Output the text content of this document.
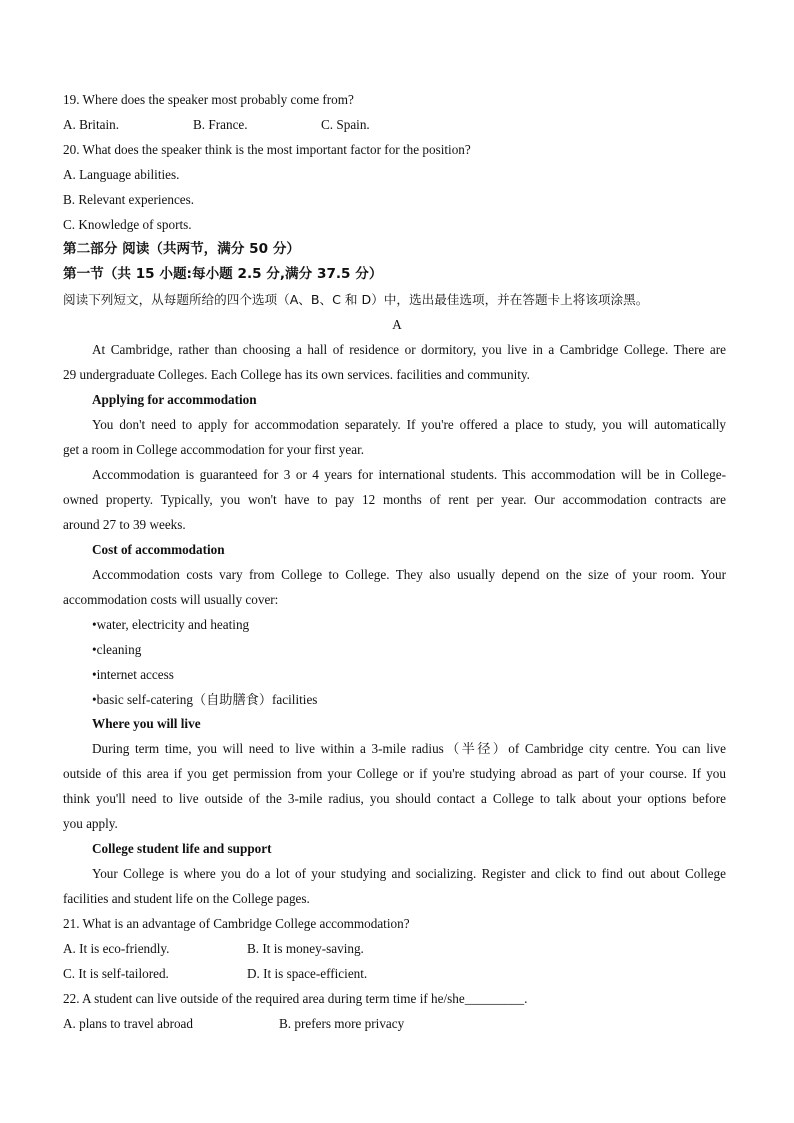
19. Where does the speaker most probably come from?
A. Britain.	B. France.	C. Spain.
20. What does the speaker think is the most important factor for the position?
A. Language abilities.
B. Relevant experiences.
C. Knowledge of sports.
第二部分 阅读（共两节，满分 50 分）
第一节（共 15 小题:每小题 2.5 分,满分 37.5 分）
阅读下列短文，从每题所给的四个选项（A、B、C 和 D）中，选出最佳选项，并在答题卡上将该项涂黑。
A
At Cambridge, rather than choosing a hall of residence or dormitory, you live in a Cambridge College. There are
29 undergraduate Colleges. Each College has its own services. facilities and community.
Applying for accommodation
You don't need to apply for accommodation separately. If you're offered a place to study, you will automatically
get a room in College accommodation for your first year.
Accommodation is guaranteed for 3 or 4 years for international students. This accommodation will be in College-
owned property. Typically, you won't have to pay 12 months of rent per year. Our accommodation contracts are
around 27 to 39 weeks.
Cost of accommodation
Accommodation costs vary from College to College. They also usually depend on the size of your room. Your
accommodation costs will usually cover:
•water, electricity and heating
•cleaning
•internet access
•basic self-catering（自助膳食）facilities
Where you will live
During term time, you will need to live within a 3-mile radius（半径）of Cambridge city centre. You can live
outside of this area if you get permission from your College or if you're studying abroad as part of your course. If you
think you'll need to live outside of the 3-mile radius, you should contact a College to talk about your options before
you apply.
College student life and support
Your College is where you do a lot of your studying and socializing. Register and click to find out about College
facilities and student life on the College pages.
21. What is an advantage of Cambridge College accommodation?
A. It is eco-friendly.	B. It is money-saving.
C. It is self-tailored.	D. It is space-efficient.
22. A student can live outside of the required area during term time if he/she_________.
A. plans to travel abroad	B. prefers more privacy
